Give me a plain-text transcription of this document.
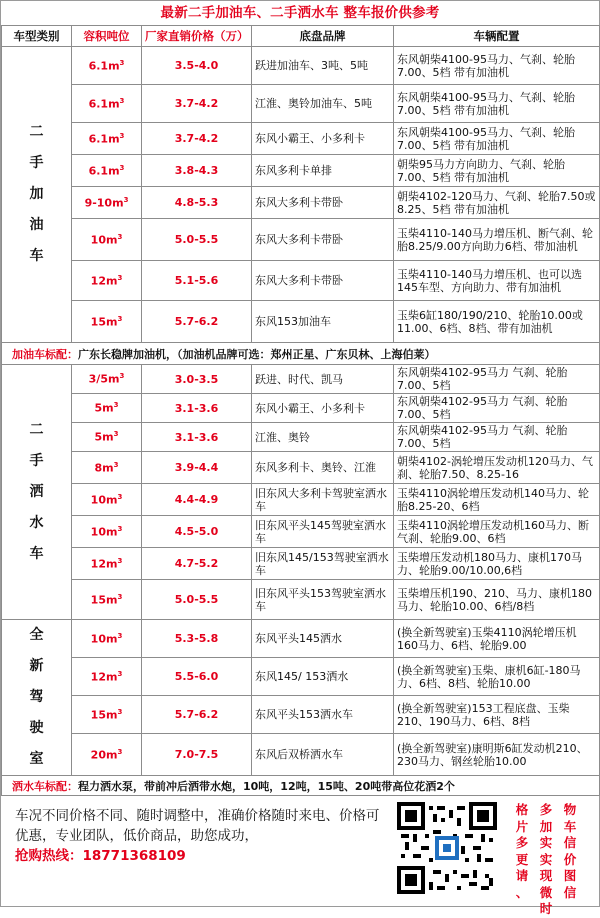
最新二手加油车、二手洒水车 整车报价供参考
车型类别	容积吨位	厂家直销价格（万）	底盘品牌	车辆配置

二
手
加
油
车	$6.1m^3$	3.5-4.0	跃进加油车、3吨、5吨	东风朝柴4100-95马力、气刹、轮胎7.00、5档 带有加油机
	$6.1m^3$	3.7-4.2	江淮、奥铃加油车、5吨	东风朝柴4100-95马力、气刹、轮胎7.00、5档 带有加油机
	$6.1m^3$	3.7-4.2	东风小霸王、小多利卡	东风朝柴4100-95马力、气刹、轮胎7.00、5档 带有加油机
	$6.1m^3$	3.8-4.3	东风多利卡单排	朝柴95马力方向助力、气刹、轮胎7.00、5档 带有加油机
	$9-10m^3$	4.8-5.3	东风大多利卡带卧	朝柴4102-120马力、气刹、轮胎7.50或8.25、5档 带有加油机
	$10m^3$	5.0-5.5	东风大多利卡带卧	玉柴4110-140马力增压机、断气刹、轮胎8.25/9.00方向助力6档、带加油机
	$12m^3$	5.1-5.6	东风大多利卡带卧	玉柴4110-140马力增压机、也可以选145车型、方向助力、带有加油机
	$15m^3$	5.7-6.2	东风153加油车	玉柴6缸180/190/210、轮胎10.00或11.00、6档、8档、带有加油机
加油车标配：广东长稳牌加油机，（加油机品牌可选：郑州正星、广东贝林、上海伯莱）				

二
手
洒
水
车	$3/5m^3$	3.0-3.5	跃进、时代、凯马	东风朝柴4102-95马力 气刹、轮胎7.00、5档
	$5m^3$	3.1-3.6	东风小霸王、小多利卡	东风朝柴4102-95马力 气刹、轮胎7.00、5档
	$5m^3$	3.1-3.6	江淮、奥铃	东风朝柴4102-95马力 气刹、轮胎7.00、5档
	$8m^3$	3.9-4.4	东风多利卡、奥铃、江淮	朝柴4102-涡轮增压发动机120马力、气刹、轮胎7.50、8.25-16
	$10m^3$	4.4-4.9	旧东风大多利卡驾驶室洒水车	玉柴4110涡轮增压发动机140马力、轮胎8.25-20、6档
	$10m^3$	4.5-5.0	旧东风平头145驾驶室洒水车	玉柴4110涡轮增压发动机160马力、断气刹、轮胎9.00、6档
	$12m^3$	4.7-5.2	旧东风145/153驾驶室洒水车	玉柴增压发动机180马力、康机170马力、轮胎9.00/10.00,6档
	$15m^3$	5.0-5.5	旧东风平头153驾驶室洒水车	玉柴增压机190、210、马力、康机180马力、轮胎10.00、6档/8档

全
新
驾
驶
室	$10m^3$	5.3-5.8	东风平头145洒水	(换全新驾驶室)玉柴4110涡轮增压机160马力、6档、轮胎9.00
	$12m^3$	5.5-6.0	东风145/ 153洒水	(换全新驾驶室)玉柴、康机6缸-180马力、6档、8档、轮胎10.00
	$15m^3$	5.7-6.2	东风平头153洒水车	(换全新驾驶室)153工程底盘、玉柴210、190马力、6档、8档
	$20m^3$	7.0-7.5	东风后双桥洒水车	(换全新驾驶室)康明斯6缸发动机210、230马力、钢丝轮胎10.00
洒水车标配：程力洒水泵，带前冲后洒带水炮，10吨，12吨，15吨、20吨带高位花洒2个				
车况不同价格不同、随时调整中，准确价格随时来电、价格可优惠，专业团队，低价商品，助您成功，
抢购热线：18771368109
格
片
多
更
请
、
多
加
实
实
现
微
时
物
车
信
价
图
信
